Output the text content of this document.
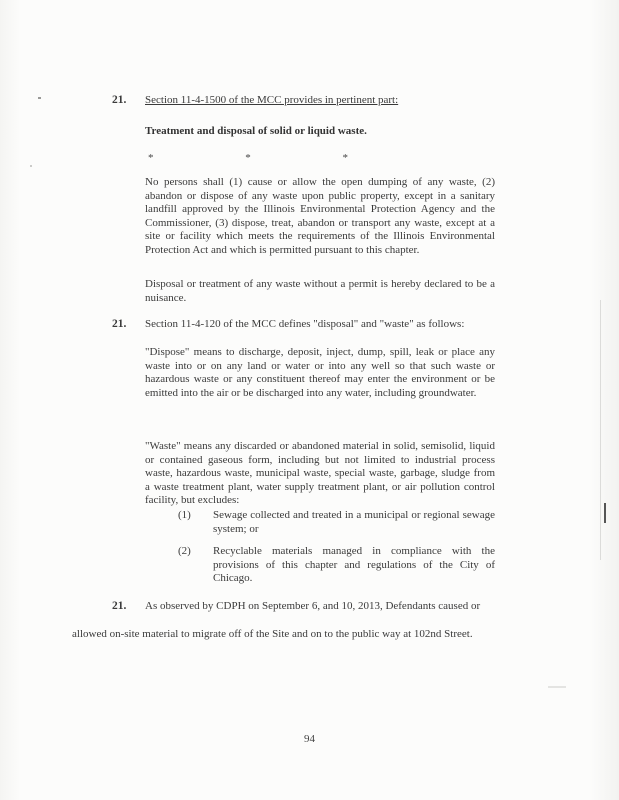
21. Section 11-4-1500 of the MCC provides in pertinent part:
Treatment and disposal of solid or liquid waste.
*	*	*
No persons shall (1) cause or allow the open dumping of any waste, (2) abandon or dispose of any waste upon public property, except in a sanitary landfill approved by the Illinois Environmental Protection Agency and the Commissioner, (3) dispose, treat, abandon or transport any waste, except at a site or facility which meets the requirements of the Illinois Environmental Protection Act and which is permitted pursuant to this chapter.
Disposal or treatment of any waste without a permit is hereby declared to be a nuisance.
21. Section 11-4-120 of the MCC defines "disposal" and "waste" as follows:
"Dispose" means to discharge, deposit, inject, dump, spill, leak or place any waste into or on any land or water or into any well so that such waste or hazardous waste or any constituent thereof may enter the environment or be emitted into the air or be discharged into any water, including groundwater.
"Waste" means any discarded or abandoned material in solid, semisolid, liquid or contained gaseous form, including but not limited to industrial process waste, hazardous waste, municipal waste, special waste, garbage, sludge from a waste treatment plant, water supply treatment plant, or air pollution control facility, but excludes:
(1) Sewage collected and treated in a municipal or regional sewage system; or
(2) Recyclable materials managed in compliance with the provisions of this chapter and regulations of the City of Chicago.
21. As observed by CDPH on September 6, and 10, 2013, Defendants caused or
allowed on-site material to migrate off of the Site and on to the public way at 102nd Street.
94
